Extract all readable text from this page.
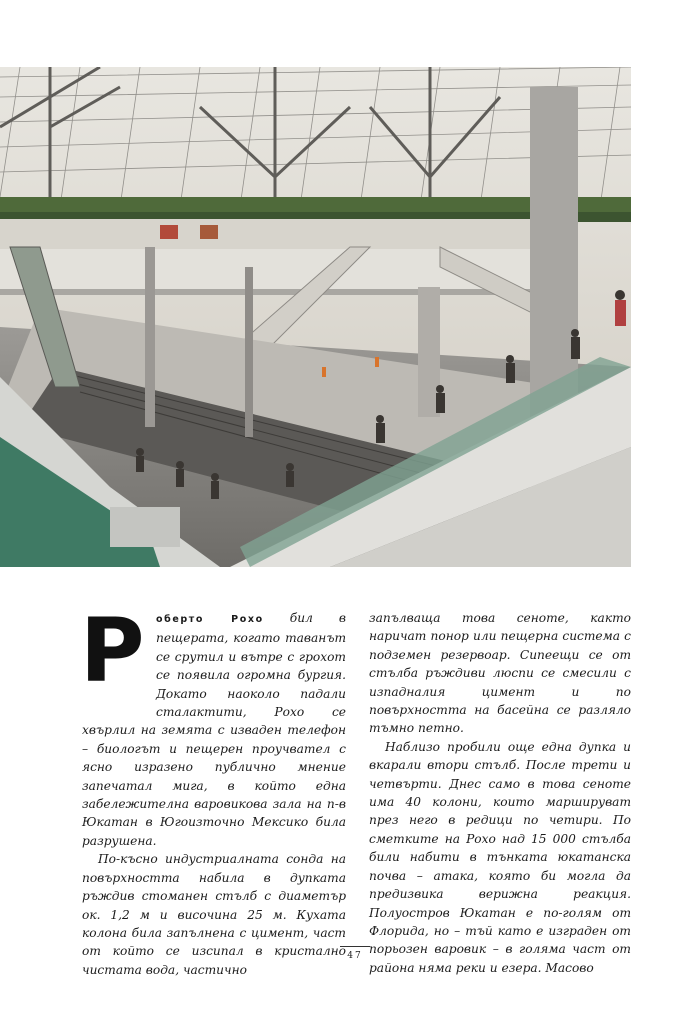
Р	оберто Рохо бил в пещерата, когато таванът се срутил и вътре с грохот се появила огромна бургия. Докато наоколо падали сталактити, Рохо се хвърлил на земята с изваден телефон – биологът и пещерен проучвател с ясно изразено публично мнение запечатал мига, в който една забележителна варовикова зала на п-в Юкатан в Югоизточно Мексико била разрушена.

По-късно индустриалната сонда на повърхността набила в дупката ръждив стоманен стълб с диаметър ок. 1,2 м и височина 25 м. Кухата колона била запълнена с цимент, част от който се изсипал в кристално чистата вода, частично

запълваща това сеноте, както наричат понор или пещерна система с подземен резервоар. Сипеещи се от стълба ръждиви люспи се смесили с изпадналия цимент и по повърхността на басейна се разляло тъмно петно.

Наблизо пробили още една дупка и вкарали втори стълб. После трети и четвърти. Днес само в това сеноте има 40 колони, които маршируват през него в редици по четири. По сметките на Рохо над 15 000 стълба били набити в тънката юкатанска почва – атака, която би могла да предизвика верижна реакция. Полуостров Юкатан е по-голям от Флорида, но – тъй като е изграден от порьозен варовик – в голяма част от района няма реки и езера. Масово

47
